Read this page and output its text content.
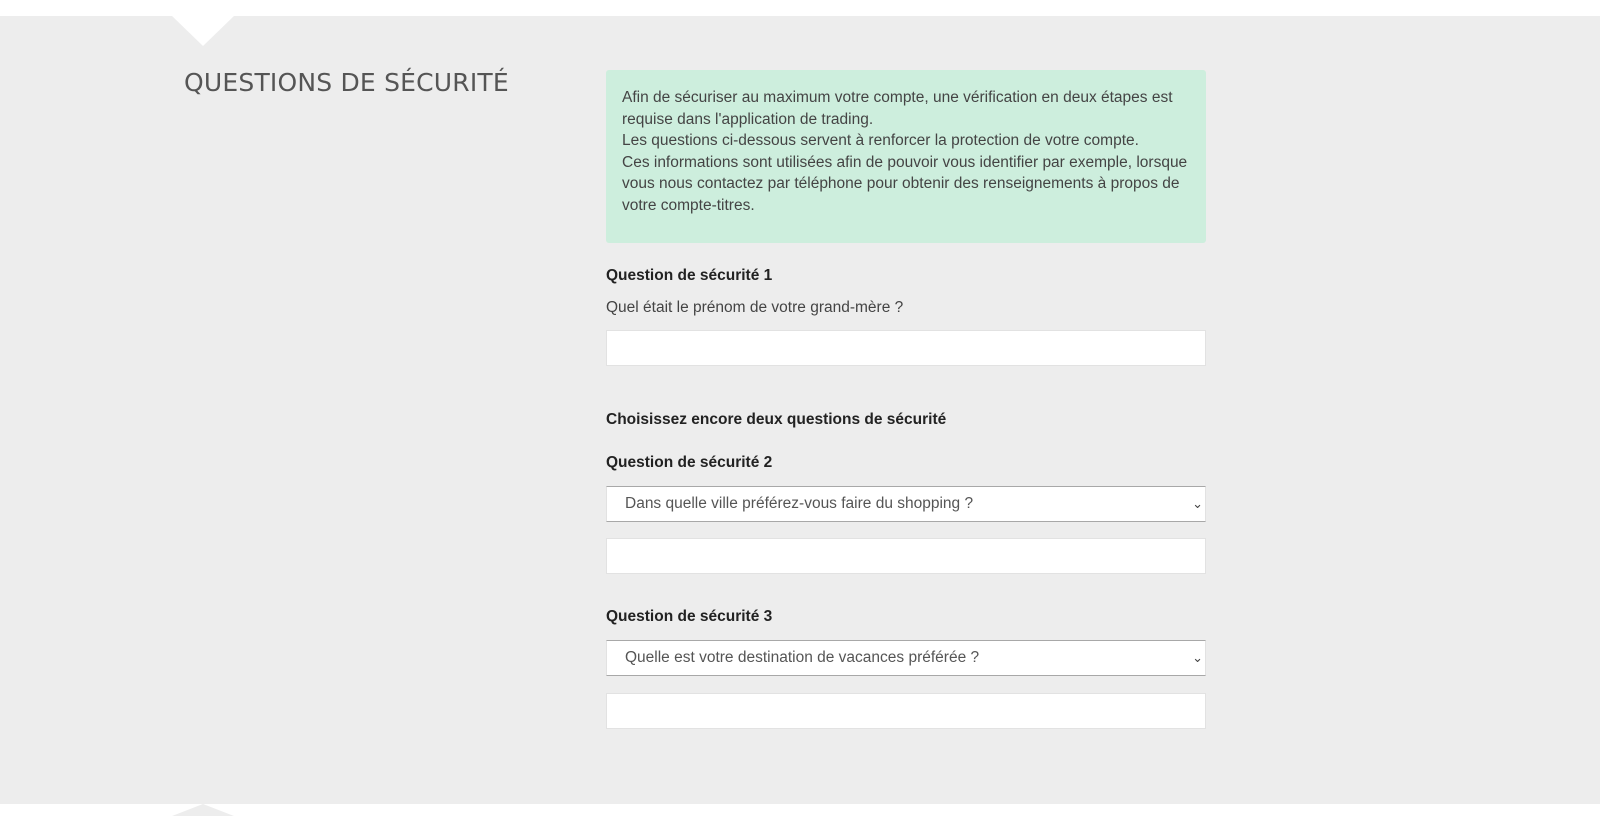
QUESTIONS DE SÉCURITÉ

Afin de sécuriser au maximum votre compte, une vérification en deux étapes est requise dans l'application de trading.

Les questions ci-dessous servent à renforcer la protection de votre compte.

Ces informations sont utilisées afin de pouvoir vous identifier par exemple, lorsque vous nous contactez par téléphone pour obtenir des renseignements à propos de votre compte-titres.

Question de sécurité 1
Quel était le prénom de votre grand-mère ?
Choisissez encore deux questions de sécurité
Question de sécurité 2
Dans quelle ville préférez-vous faire du shopping ?	⌄
Question de sécurité 3
Quelle est votre destination de vacances préférée ?	⌄
